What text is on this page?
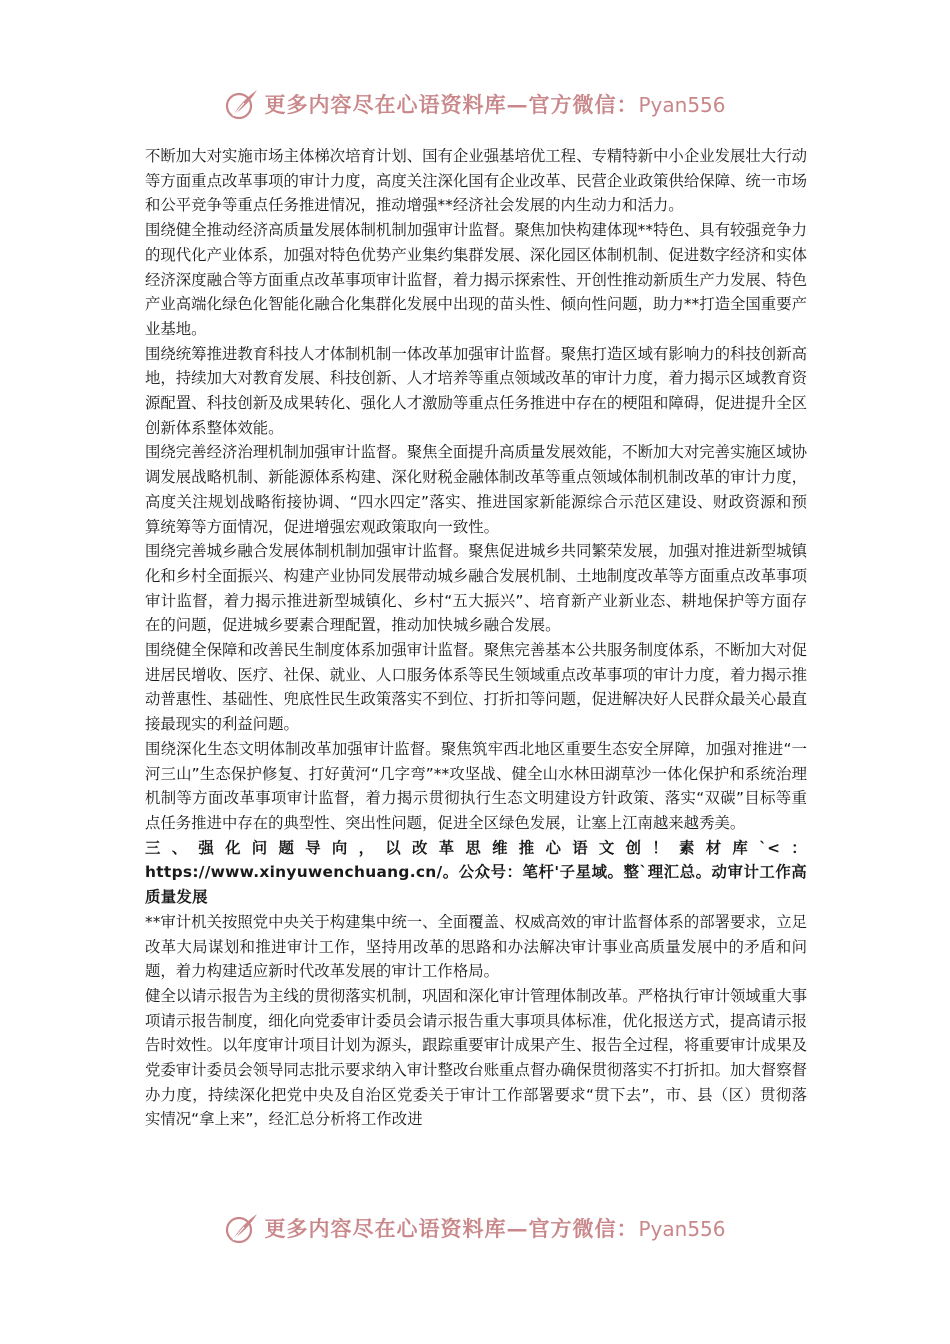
更多内容尽在心语资料库—官方微信：Pyan556

不断加大对实施市场主体梯次培育计划、国有企业强基培优工程、专精特新中小企业发展壮大行动等方面重点改革事项的审计力度，高度关注深化国有企业改革、民营企业政策供给保障、统一市场和公平竞争等重点任务推进情况，推动增强**经济社会发展的内生动力和活力。

围绕健全推动经济高质量发展体制机制加强审计监督。聚焦加快构建体现**特色、具有较强竞争力的现代化产业体系，加强对特色优势产业集约集群发展、深化园区体制机制、促进数字经济和实体经济深度融合等方面重点改革事项审计监督，着力揭示探索性、开创性推动新质生产力发展、特色产业高端化绿色化智能化融合化集群化发展中出现的苗头性、倾向性问题，助力**打造全国重要产业基地。

围绕统筹推进教育科技人才体制机制一体改革加强审计监督。聚焦打造区域有影响力的科技创新高地，持续加大对教育发展、科技创新、人才培养等重点领域改革的审计力度，着力揭示区域教育资源配置、科技创新及成果转化、强化人才激励等重点任务推进中存在的梗阻和障碍，促进提升全区创新体系整体效能。

围绕完善经济治理机制加强审计监督。聚焦全面提升高质量发展效能，不断加大对完善实施区域协调发展战略机制、新能源体系构建、深化财税金融体制改革等重点领域体制机制改革的审计力度，高度关注规划战略衔接协调、“四水四定”落实、推进国家新能源综合示范区建设、财政资源和预算统筹等方面情况，促进增强宏观政策取向一致性。

围绕完善城乡融合发展体制机制加强审计监督。聚焦促进城乡共同繁荣发展，加强对推进新型城镇化和乡村全面振兴、构建产业协同发展带动城乡融合发展机制、土地制度改革等方面重点改革事项审计监督，着力揭示推进新型城镇化、乡村“五大振兴”、培育新产业新业态、耕地保护等方面存在的问题，促进城乡要素合理配置，推动加快城乡融合发展。

围绕健全保障和改善民生制度体系加强审计监督。聚焦完善基本公共服务制度体系，不断加大对促进居民增收、医疗、社保、就业、人口服务体系等民生领域重点改革事项的审计力度，着力揭示推动普惠性、基础性、兜底性民生政策落实不到位、打折扣等问题，促进解决好人民群众最关心最直接最现实的利益问题。

围绕深化生态文明体制改革加强审计监督。聚焦筑牢西北地区重要生态安全屏障，加强对推进“一河三山”生态保护修复、打好黄河“几字弯”**攻坚战、健全山水林田湖草沙一体化保护和系统治理机制等方面改革事项审计监督，着力揭示贯彻执行生态文明建设方针政策、落实“双碳”目标等重点任务推进中存在的典型性、突出性问题，促进全区绿色发展，让塞上江南越来越秀美。

三、强化问题导向，以改革思维推心语文创！素材库`<：https://www.xinyuwenchuang.cn/。公众号：笔杆'子星域。整`理汇总。动审计工作高质量发展

**审计机关按照党中央关于构建集中统一、全面覆盖、权威高效的审计监督体系的部署要求，立足改革大局谋划和推进审计工作，坚持用改革的思路和办法解决审计事业高质量发展中的矛盾和问题，着力构建适应新时代改革发展的审计工作格局。

健全以请示报告为主线的贯彻落实机制，巩固和深化审计管理体制改革。严格执行审计领域重大事项请示报告制度，细化向党委审计委员会请示报告重大事项具体标准，优化报送方式，提高请示报告时效性。以年度审计项目计划为源头，跟踪重要审计成果产生、报告全过程，将重要审计成果及党委审计委员会领导同志批示要求纳入审计整改台账重点督办确保贯彻落实不打折扣。加大督察督办力度，持续深化把党中央及自治区党委关于审计工作部署要求“贯下去”，市、县（区）贯彻落实情况“拿上来”，经汇总分析将工作改进

更多内容尽在心语资料库—官方微信：Pyan556
